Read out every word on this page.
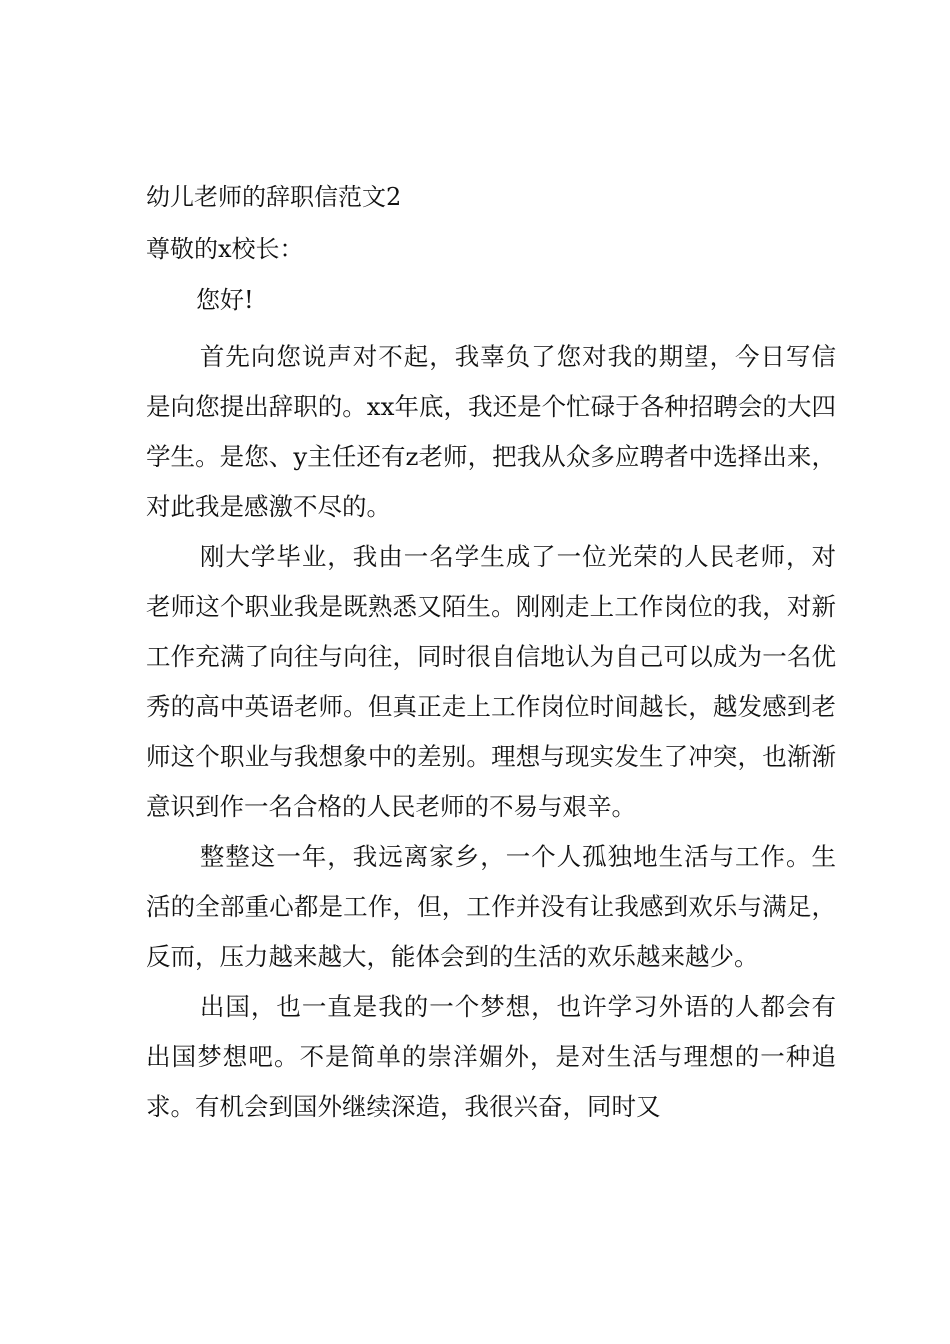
幼儿老师的辞职信范文2
尊敬的x校长：
您好!

首先向您说声对不起，我辜负了您对我的期望，今日写信是向您提出辞职的。xx年底，我还是个忙碌于各种招聘会的大四学生。是您、y主任还有z老师，把我从众多应聘者中选择出来，对此我是感激不尽的。

刚大学毕业，我由一名学生成了一位光荣的人民老师，对老师这个职业我是既熟悉又陌生。刚刚走上工作岗位的我，对新工作充满了向往与向往，同时很自信地认为自己可以成为一名优秀的高中英语老师。但真正走上工作岗位时间越长，越发感到老师这个职业与我想象中的差别。理想与现实发生了冲突，也渐渐意识到作一名合格的人民老师的不易与艰辛。

整整这一年，我远离家乡，一个人孤独地生活与工作。生活的全部重心都是工作，但，工作并没有让我感到欢乐与满足，反而，压力越来越大，能体会到的生活的欢乐越来越少。

出国，也一直是我的一个梦想，也许学习外语的人都会有出国梦想吧。不是简单的崇洋媚外，是对生活与理想的一种追求。有机会到国外继续深造，我很兴奋，同时又
